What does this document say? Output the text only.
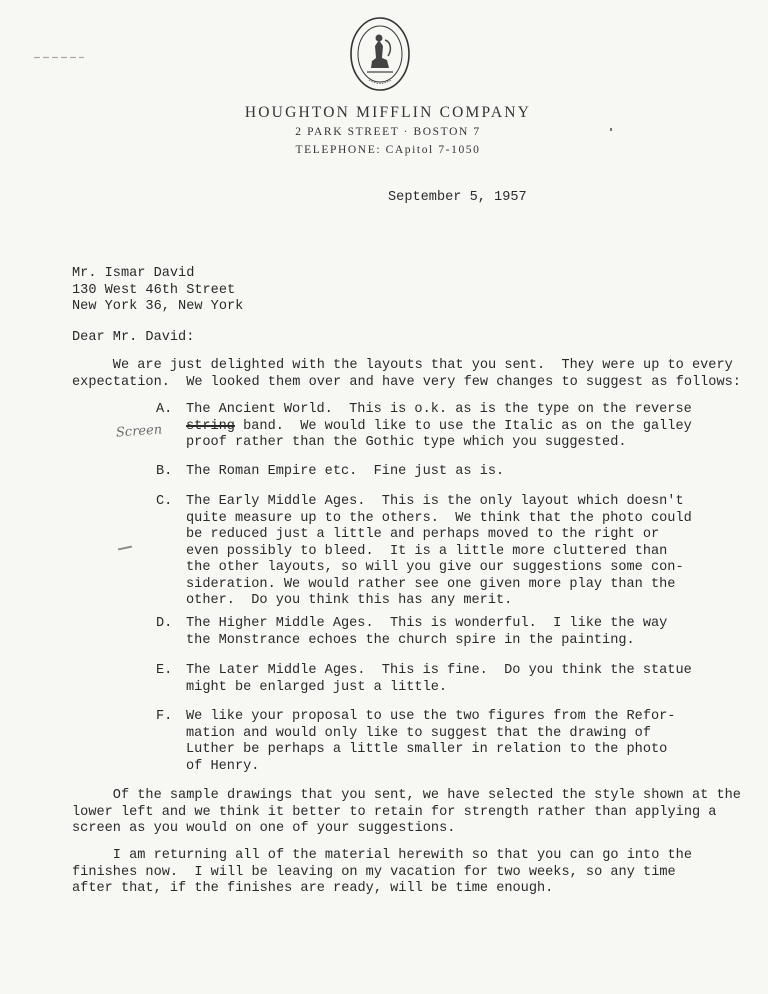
HOUGHTON MIFFLIN COMPANY
2 PARK STREET · BOSTON 7
TELEPHONE: CApitol 7-1050
September 5, 1957
Mr. Ismar David
130 West 46th Street
New York 36, New York
Dear Mr. David:
We are just delighted with the layouts that you sent.  They were up to every
expectation.  We looked them over and have very few changes to suggest as follows:
A. The Ancient World.  This is o.k. as is the type on the reverse
string band.  We would like to use the Italic as on the galley
proof rather than the Gothic type which you suggested.
B. The Roman Empire etc.  Fine just as is.
C. The Early Middle Ages.  This is the only layout which doesn't
quite measure up to the others.  We think that the photo could
be reduced just a little and perhaps moved to the right or
even possibly to bleed.  It is a little more cluttered than
the other layouts, so will you give our suggestions some con-
sideration. We would rather see one given more play than the
other.  Do you think this has any merit.
D. The Higher Middle Ages.  This is wonderful.  I like the way
the Monstrance echoes the church spire in the painting.
E. The Later Middle Ages.  This is fine.  Do you think the statue
might be enlarged just a little.
F. We like your proposal to use the two figures from the Refor-
mation and would only like to suggest that the drawing of
Luther be perhaps a little smaller in relation to the photo
of Henry.
Screen
Of the sample drawings that you sent, we have selected the style shown at the
lower left and we think it better to retain for strength rather than applying a
screen as you would on one of your suggestions.
I am returning all of the material herewith so that you can go into the
finishes now.  I will be leaving on my vacation for two weeks, so any time
after that, if the finishes are ready, will be time enough.
